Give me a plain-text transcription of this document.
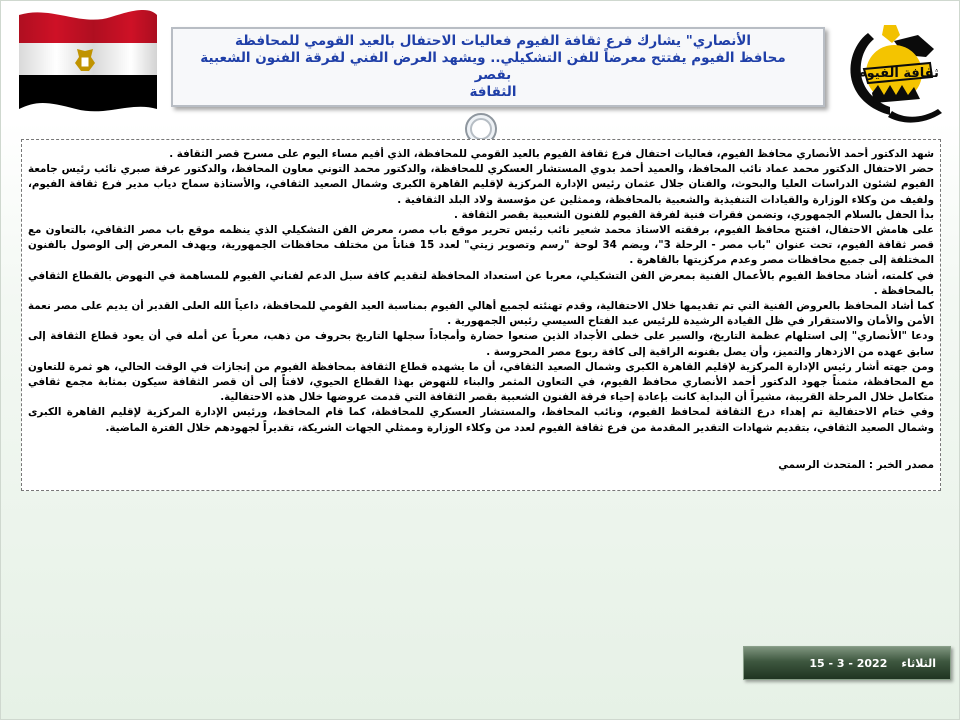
ثقافة الفيوم

الأنصاري" يشارك فرع ثقافة الفيوم فعاليات الاحتفال بالعيد القومي للمحافظة

محافظ الفيوم يفتتح معرضاً للفن التشكيلي.. ويشهد العرض الفني لفرقة الفنون الشعبية بقصر

الثقافة

شهد الدكتور أحمد الأنصاري محافظ الفيوم، فعاليات احتفال فرع ثقافة الفيوم بالعيد القومي للمحافظة، الذي أقيم مساء اليوم على مسرح قصر الثقافة .

حضر الاحتفال الدكتور محمد عماد نائب المحافظ، والعميد أحمد بدوي المستشار العسكري للمحافظة، والدكتور محمد التوني معاون المحافظ، والدكتور عرفة صبري نائب رئيس جامعة الفيوم لشئون الدراسات العليا والبحوث، والفنان جلال عثمان رئيس الإدارة المركزية لإقليم القاهرة الكبرى وشمال الصعيد الثقافي، والأستاذة سماح دياب مدير فرع ثقافة الفيوم، ولفيف من وكلاء الوزارة والقيادات التنفيذية والشعبية بالمحافظة، وممثلين عن مؤسسة ولاد البلد الثقافية .

بدأ الحفل بالسلام الجمهوري، وتضمن فقرات فنية لفرقة الفيوم للفنون الشعبية بقصر الثقافة .

على هامش الاحتفال، افتتح محافظ الفيوم، برفقته الاستاذ محمد شعير نائب رئيس تحرير موقع باب مصر، معرض الفن التشكيلي الذي ينظمه موقع باب مصر الثقافي، بالتعاون مع قصر ثقافة الفيوم، تحت عنوان "باب مصر - الرحلة 3"، ويضم 34 لوحة "رسم وتصوير زيتي" لعدد 15 فناناً من مختلف محافظات الجمهورية، ويهدف المعرض إلى الوصول بالفنون المختلفة إلى جميع محافظات مصر وعدم مركزيتها بالقاهرة .

في كلمته، أشاد محافظ الفيوم بالأعمال الفنية بمعرض الفن التشكيلي، معربا عن استعداد المحافظة لتقديم كافة سبل الدعم لفناني الفيوم للمساهمة في النهوض بالقطاع الثقافي بالمحافظة .

كما أشاد المحافظ بالعروض الفنية التي تم تقديمها خلال الاحتفالية، وقدم تهنئته لجميع أهالي الفيوم بمناسبة العيد القومي للمحافظة، داعياً الله العلى القدير أن يديم على مصر نعمة الأمن والأمان والاستقرار في ظل القيادة الرشيدة للرئيس عبد الفتاح السيسي رئيس الجمهورية .

ودعا "الأنصاري" إلى استلهام عظمة التاريخ، والسير على خطى الأجداد الذين صنعوا حضارة وأمجاداً سجلها التاريخ بحروف من ذهب، معرباً عن أمله في أن يعود قطاع الثقافة إلى سابق عهده من الازدهار والتميز، وأن يصل بفنونه الراقية إلى كافة ربوع مصر المحروسة .

ومن جهته أشار رئيس الإدارة المركزية لإقليم القاهرة الكبرى وشمال الصعيد الثقافي، أن ما يشهده قطاع الثقافة بمحافظة الفيوم من إنجازات في الوقت الحالي، هو ثمرة للتعاون مع المحافظة، مثمناً جهود الدكتور أحمد الأنصاري محافظ الفيوم، في التعاون المثمر والبناء للنهوض بهذا القطاع الحيوي، لافتاً إلى أن قصر الثقافة سيكون بمثابة مجمع ثقافي متكامل خلال المرحلة القريبة، مشيراً أن البداية كانت بإعادة إحياء فرقة الفنون الشعبية بقصر الثقافة التي قدمت عروضها خلال هذه الاحتفالية.

وفي ختام الاحتفالية تم إهداء درع الثقافة لمحافظ الفيوم، ونائب المحافظ، والمستشار العسكري للمحافظة، كما قام المحافظ، ورئيس الإدارة المركزية لإقليم القاهرة الكبرى وشمال الصعيد الثقافي، بتقديم شهادات التقدير المقدمة من فرع ثقافة الفيوم لعدد من وكلاء الوزارة وممثلي الجهات الشريكة، تقديراً لجهودهم خلال الفترة الماضية.

مصدر الخبر : المتحدث الرسمي

15 - 3 - 2022 الثلاثاء
